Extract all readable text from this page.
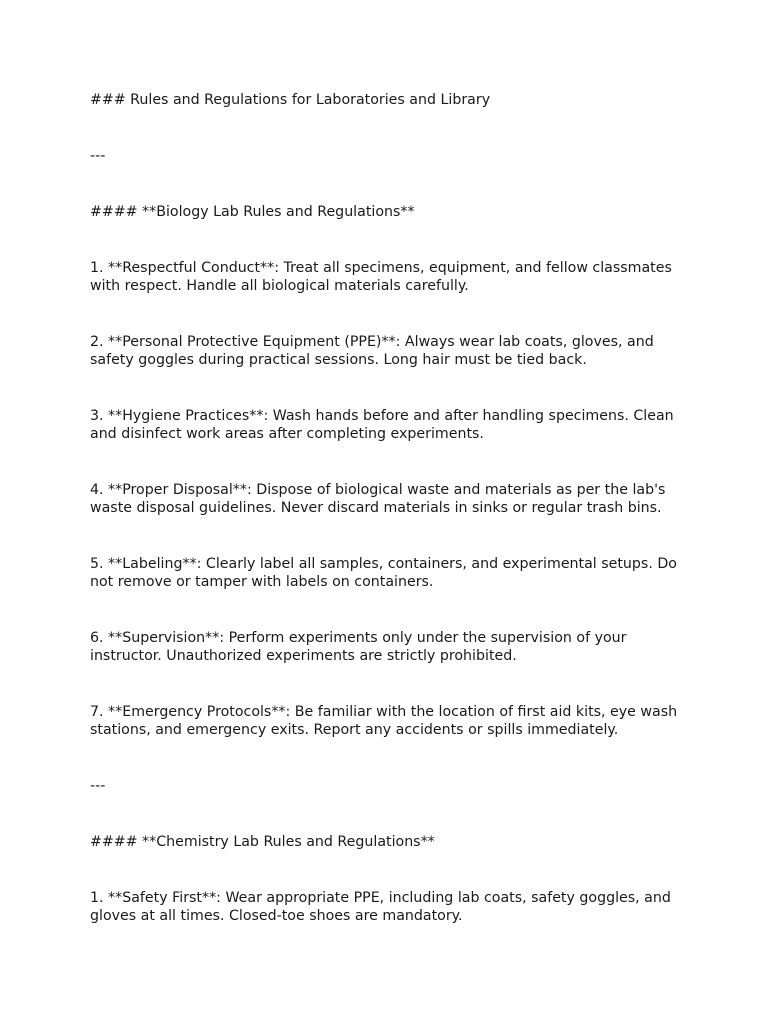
### Rules and Regulations for Laboratories and Library

---

#### **Biology Lab Rules and Regulations**

1. **Respectful Conduct**: Treat all specimens, equipment, and fellow classmates with respect. Handle all biological materials carefully.

2. **Personal Protective Equipment (PPE)**: Always wear lab coats, gloves, and safety goggles during practical sessions. Long hair must be tied back.

3. **Hygiene Practices**: Wash hands before and after handling specimens. Clean and disinfect work areas after completing experiments.

4. **Proper Disposal**: Dispose of biological waste and materials as per the lab's waste disposal guidelines. Never discard materials in sinks or regular trash bins.

5. **Labeling**: Clearly label all samples, containers, and experimental setups. Do not remove or tamper with labels on containers.

6. **Supervision**: Perform experiments only under the supervision of your instructor. Unauthorized experiments are strictly prohibited.

7. **Emergency Protocols**: Be familiar with the location of first aid kits, eye wash stations, and emergency exits. Report any accidents or spills immediately.

---

#### **Chemistry Lab Rules and Regulations**

1. **Safety First**: Wear appropriate PPE, including lab coats, safety goggles, and gloves at all times. Closed-toe shoes are mandatory.
